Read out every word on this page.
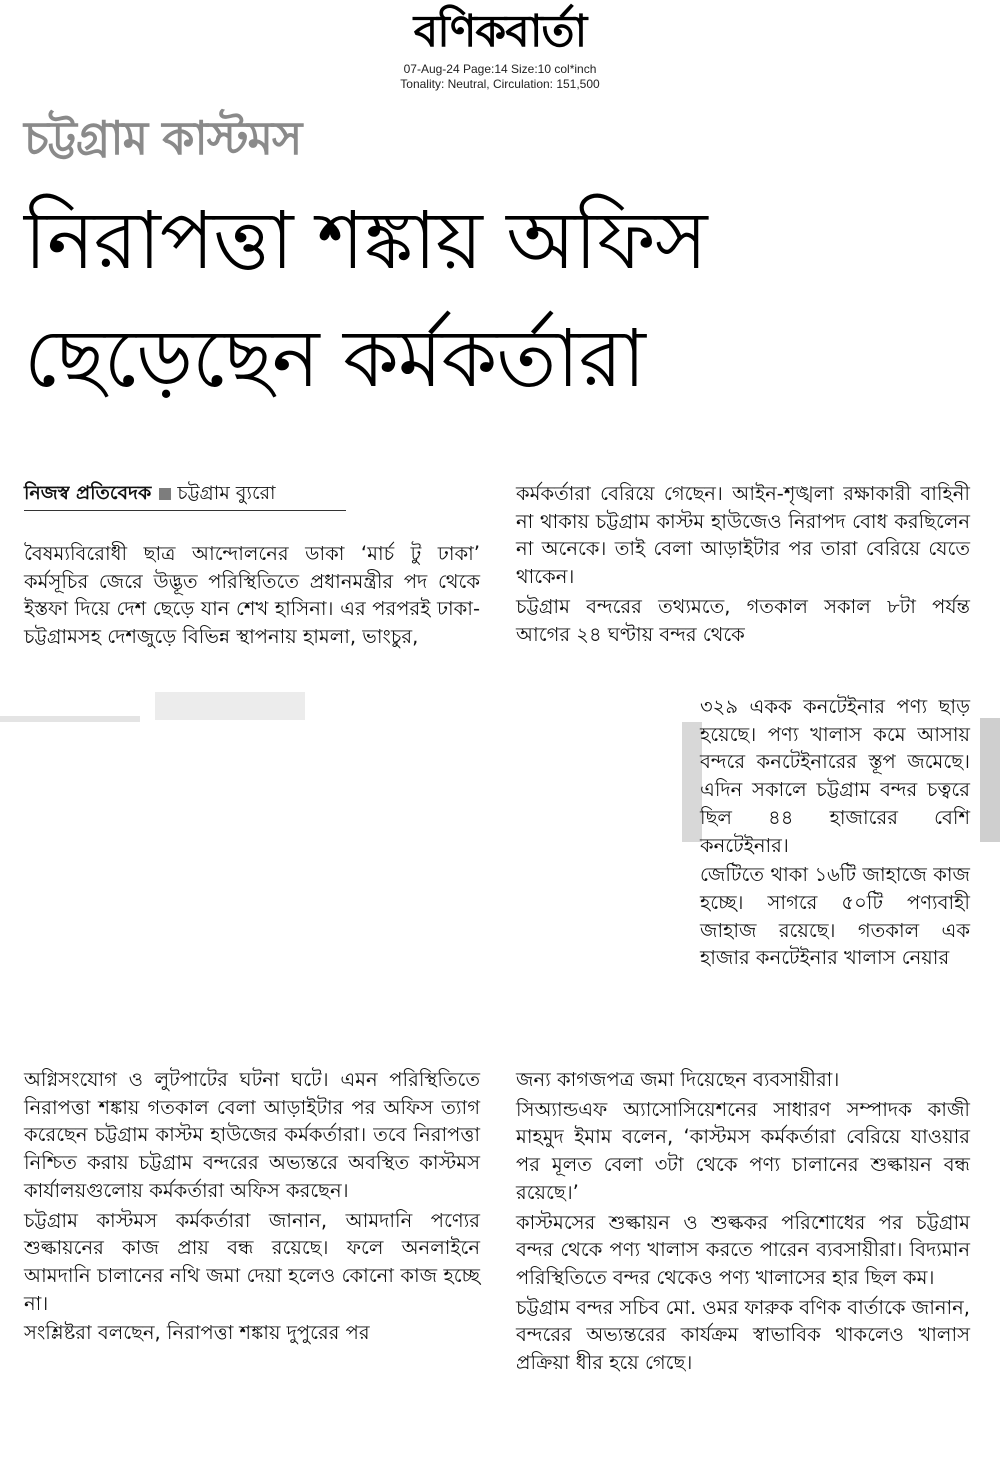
বণিকবার্তা
07-Aug-24 Page:14 Size:10 col*inch
Tonality: Neutral, Circulation: 151,500
চট্টগ্রাম কাস্টমস
নিরাপত্তা শঙ্কায় অফিস
ছেড়েছেন কর্মকর্তারা
নিজস্ব প্রতিবেদক চট্টগ্রাম ব্যুরো

বৈষম্যবিরোধী ছাত্র আন্দোলনের ডাকা ‘মার্চ টু ঢাকা’ কর্মসূচির জেরে উদ্ভূত পরিস্থিতিতে প্রধানমন্ত্রীর পদ থেকে ইস্তফা দিয়ে দেশ ছেড়ে যান শেখ হাসিনা। এর পরপরই ঢাকা-চট্টগ্রামসহ দেশজুড়ে বিভিন্ন স্থাপনায় হামলা, ভাংচুর,

কর্মকর্তারা বেরিয়ে গেছেন। আইন-শৃঙ্খলা রক্ষাকারী বাহিনী না থাকায় চট্টগ্রাম কাস্টম হাউজেও নিরাপদ বোধ করছিলেন না অনেকে। তাই বেলা আড়াইটার পর তারা বেরিয়ে যেতে থাকেন।

চট্টগ্রাম বন্দরের তথ্যমতে, গতকাল সকাল ৮টা পর্যন্ত আগের ২৪ ঘণ্টায় বন্দর থেকে

৩২৯ একক কনটেইনার পণ্য ছাড় হয়েছে। পণ্য খালাস কমে আসায় বন্দরে কনটেইনারের স্তূপ জমেছে। এদিন সকালে চট্টগ্রাম বন্দর চত্বরে ছিল ৪৪ হাজারের বেশি কনটেইনার।

জেটিতে থাকা ১৬টি জাহাজে কাজ হচ্ছে। সাগরে ৫০টি পণ্যবাহী জাহাজ রয়েছে। গতকাল এক হাজার কনটেইনার খালাস নেয়ার

অগ্নিসংযোগ ও লুটপাটের ঘটনা ঘটে। এমন পরিস্থিতিতে নিরাপত্তা শঙ্কায় গতকাল বেলা আড়াইটার পর অফিস ত্যাগ করেছেন চট্টগ্রাম কাস্টম হাউজের কর্মকর্তারা। তবে নিরাপত্তা নিশ্চিত করায় চট্টগ্রাম বন্দরের অভ্যন্তরে অবস্থিত কাস্টমস কার্যালয়গুলোয় কর্মকর্তারা অফিস করছেন।

চট্টগ্রাম কাস্টমস কর্মকর্তারা জানান, আমদানি পণ্যের শুল্কায়নের কাজ প্রায় বন্ধ রয়েছে। ফলে অনলাইনে আমদানি চালানের নথি জমা দেয়া হলেও কোনো কাজ হচ্ছে না।

সংশ্লিষ্টরা বলছেন, নিরাপত্তা শঙ্কায় দুপুরের পর

জন্য কাগজপত্র জমা দিয়েছেন ব্যবসায়ীরা।

সিঅ্যান্ডএফ অ্যাসোসিয়েশনের সাধারণ সম্পাদক কাজী মাহমুদ ইমাম বলেন, ‘কাস্টমস কর্মকর্তারা বেরিয়ে যাওয়ার পর মূলত বেলা ৩টা থেকে পণ্য চালানের শুল্কায়ন বন্ধ রয়েছে।’

কাস্টমসের শুল্কায়ন ও শুল্ককর পরিশোধের পর চট্টগ্রাম বন্দর থেকে পণ্য খালাস করতে পারেন ব্যবসায়ীরা। বিদ্যমান পরিস্থিতিতে বন্দর থেকেও পণ্য খালাসের হার ছিল কম।

চট্টগ্রাম বন্দর সচিব মো. ওমর ফারুক বণিক বার্তাকে জানান, বন্দরের অভ্যন্তরের কার্যক্রম স্বাভাবিক থাকলেও খালাস প্রক্রিয়া ধীর হয়ে গেছে।
